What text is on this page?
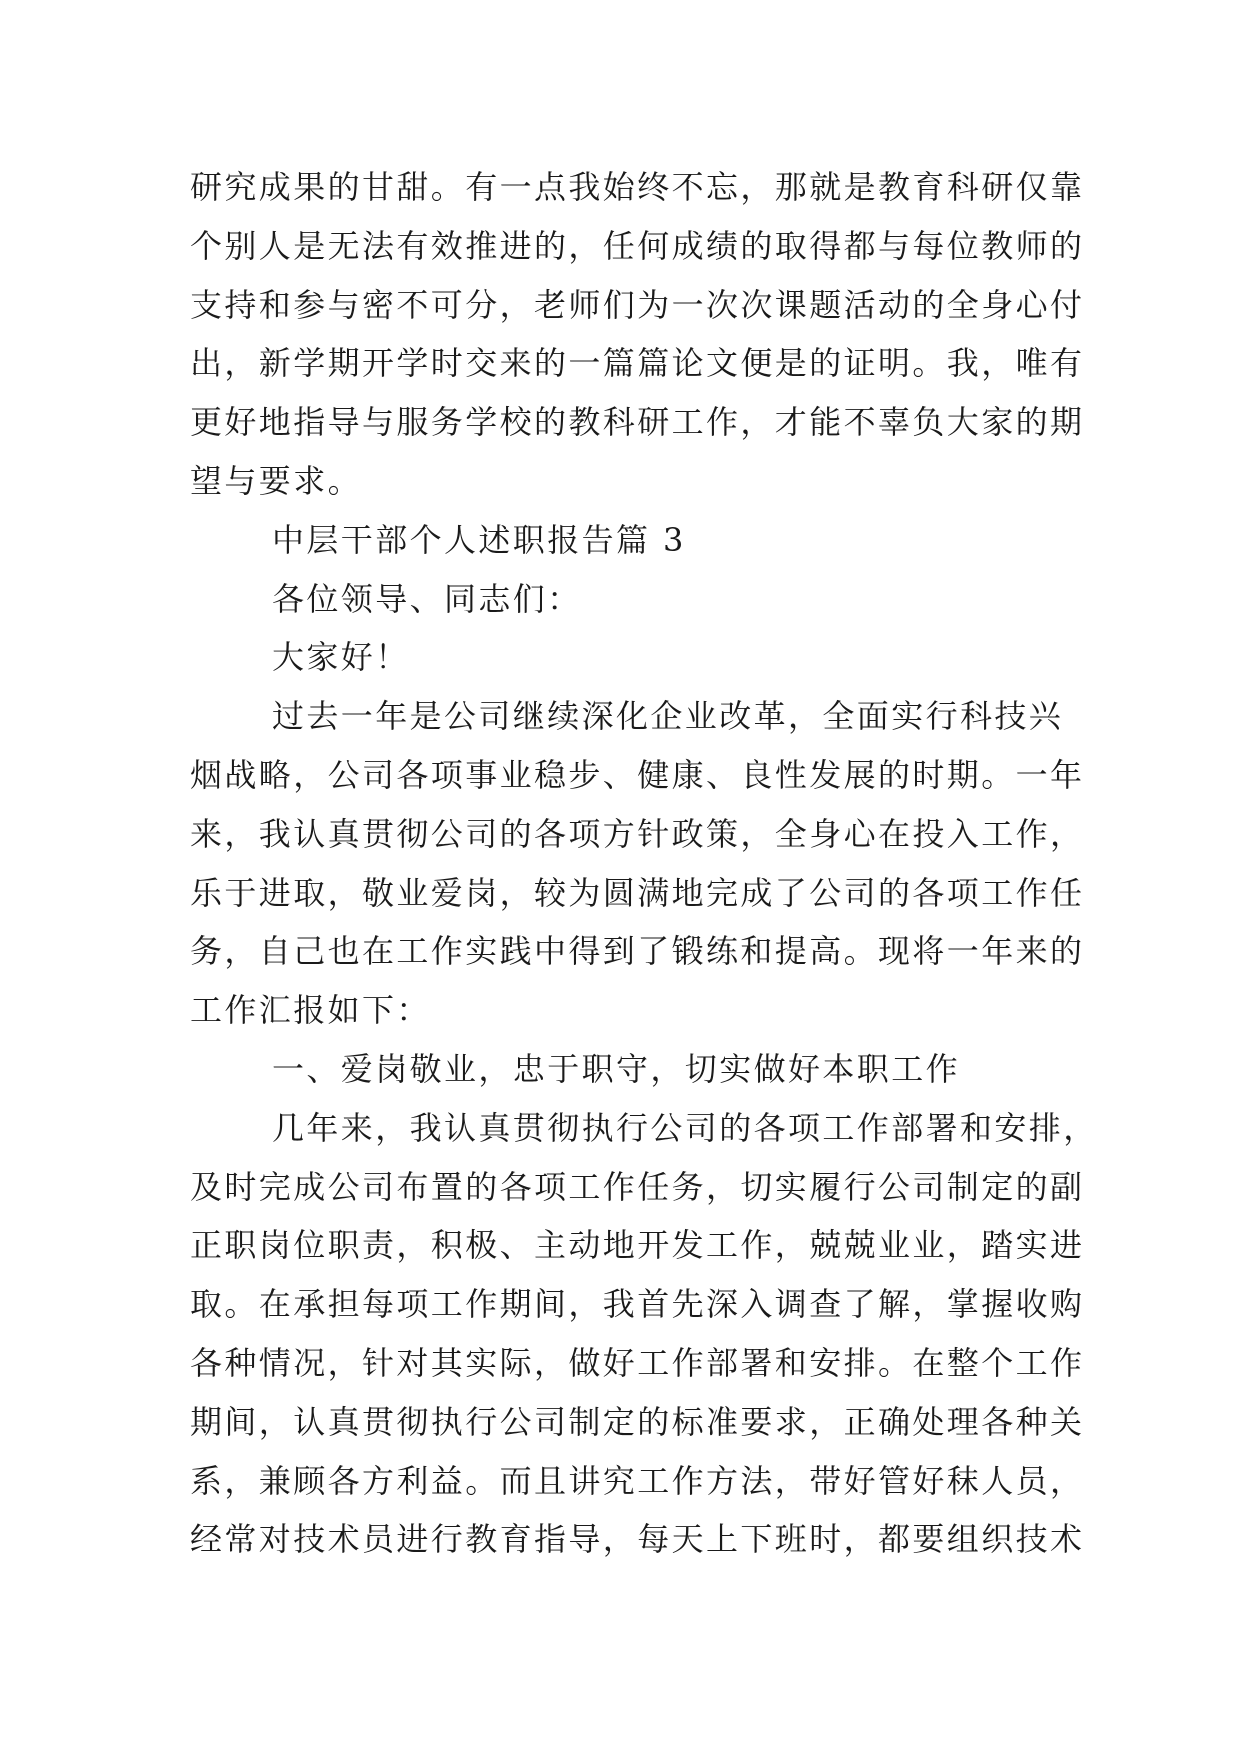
研究成果的甘甜。有一点我始终不忘，那就是教育科研仅靠
个别人是无法有效推进的，任何成绩的取得都与每位教师的
支持和参与密不可分，老师们为一次次课题活动的全身心付
出，新学期开学时交来的一篇篇论文便是的证明。我，唯有
更好地指导与服务学校的教科研工作，才能不辜负大家的期
望与要求。
中层干部个人述职报告篇 3
各位领导、同志们：
大家好！
过去一年是公司继续深化企业改革，全面实行科技兴
烟战略，公司各项事业稳步、健康、良性发展的时期。一年
来，我认真贯彻公司的各项方针政策，全身心在投入工作，
乐于进取，敬业爱岗，较为圆满地完成了公司的各项工作任
务，自己也在工作实践中得到了锻练和提高。现将一年来的
工作汇报如下：
一、爱岗敬业，忠于职守，切实做好本职工作
几年来，我认真贯彻执行公司的各项工作部署和安排，
及时完成公司布置的各项工作任务，切实履行公司制定的副
正职岗位职责，积极、主动地开发工作，兢兢业业，踏实进
取。在承担每项工作期间，我首先深入调查了解，掌握收购
各种情况，针对其实际，做好工作部署和安排。在整个工作
期间，认真贯彻执行公司制定的标准要求，正确处理各种关
系，兼顾各方利益。而且讲究工作方法，带好管好秣人员，
经常对技术员进行教育指导，每天上下班时，都要组织技术
